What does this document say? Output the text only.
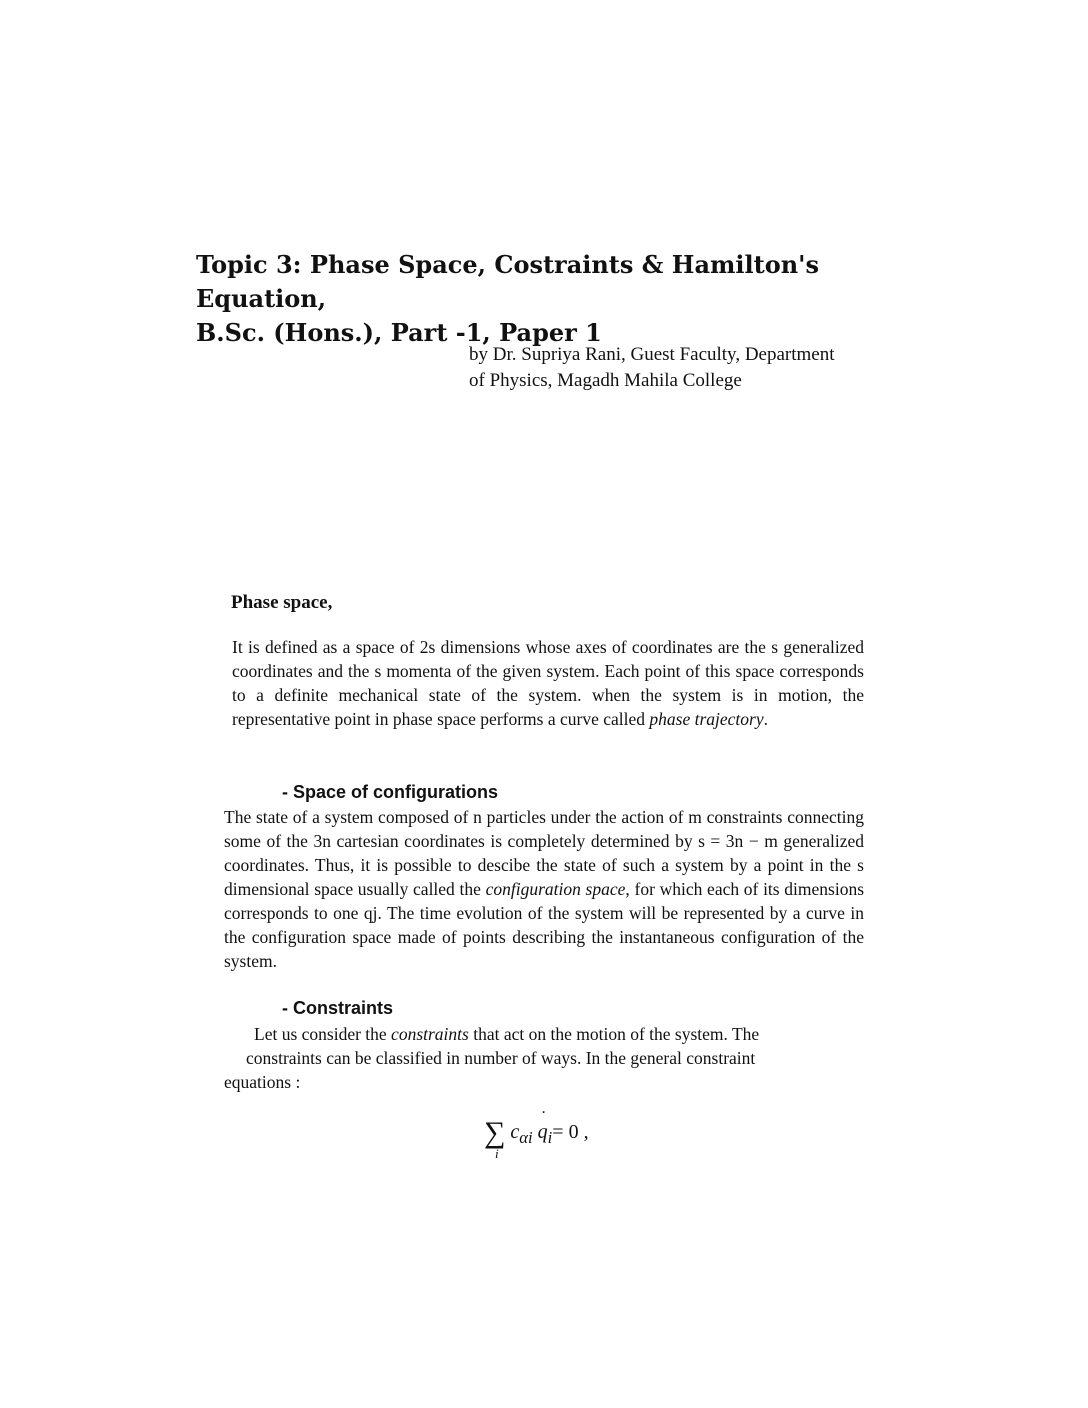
Topic 3: Phase Space, Costraints & Hamilton's Equation,
B.Sc. (Hons.), Part -1, Paper 1
by Dr. Supriya Rani, Guest Faculty, Department
of Physics, Magadh Mahila College
Phase space,

It is defined as a space of 2s dimensions whose axes of coordinates are the s generalized coordinates and the s momenta of the given system. Each point of this space corresponds to a definite mechanical state of the system. when the system is in motion, the representative point in phase space performs a curve called phase trajectory.

- Space of configurations

The state of a system composed of n particles under the action of m constraints connecting some of the 3n cartesian coordinates is completely determined by s = 3n − m generalized coordinates. Thus, it is possible to descibe the state of such a system by a point in the s dimensional space usually called the configuration space, for which each of its dimensions corresponds to one qj. The time evolution of the system will be represented by a curve in the configuration space made of points describing the instantaneous configuration of the system.

- Constraints

Let us consider the constraints that act on the motion of the system. The

constraints can be classified in number of ways. In the general constraint

equations :

∑
i
$c_{\alpha i}$ ˙ $q_i= 0$ ,
